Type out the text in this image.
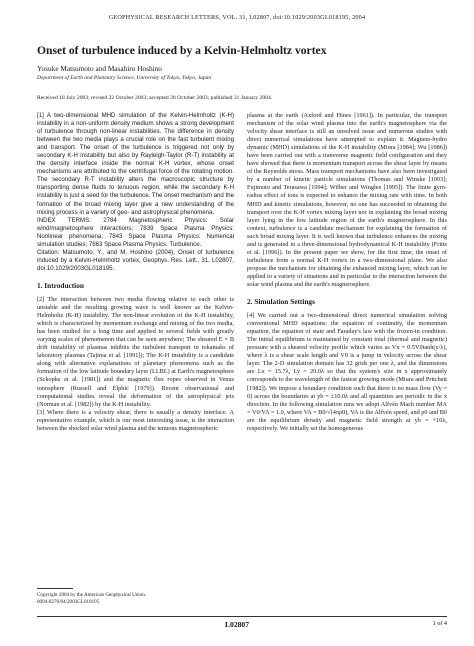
GEOPHYSICAL RESEARCH LETTERS, VOL. 31, L02807, doi:10.1029/2003GL018195, 2004
Onset of turbulence induced by a Kelvin-Helmholtz vortex
Yosuke Matsumoto and Masahiro Hoshino
Department of Earth and Planetary Science, University of Tokyo, Tokyo, Japan
Received 18 July 2003; revised 22 October 2003; accepted 28 October 2003; published 31 January 2004.

[1] A two-dimensional MHD simulation of the Kelvin-Helmholtz (K-H) instability in a non-uniform density medium shows a strong development of turbulence through non-linear instabilities. The difference in density between the two media plays a crucial role on the fast turbulent mixing and transport. The onset of the turbulence is triggered not only by secondary K-H instability but also by Rayleigh-Taylor (R-T) instability at the density interface inside the normal K-H vortex, whose onset mechanisms are attributed to the centrifugal force of the rotating motion. The secondary R-T instability alters the macroscopic structure by transporting dense fluids to tenuous region, while the secondary K-H instability is just a seed for the turbulence. The onset mechanism and the formation of the broad mixing layer give a new understanding of the mixing process in a variety of geo- and astrophysical phenomena.

INDEX TERMS: 2784 Magnetospheric Physics: Solar wind/magnetosphere interactions; 7839 Space Plasma Physics: Nonlinear phenomena; 7843 Space Plasma Physics: Numerical simulation studies; 7863 Space Plasma Physics: Turbulence.

Citation: Matsumoto, Y., and M. Hoshino (2004), Onset of turbulence induced by a Kelvin-Helmholtz vortex, Geophys. Res. Lett., 31, L02807, doi:10.1029/2003GL018195.

1. Introduction

[2] The interaction between two media flowing relative to each other is unstable and the resulting growing wave is well known as the Kelvin-Helmholtz (K-H) instability. The non-linear evolution of the K-H instability, which is characterized by momentum exchange and mixing of the two media, has been studied for a long time and applied to several fields with greatly varying scales of phenomenon that can be seen anywhere; The sheared E × B drift instability of plasmas inhibits the turbulent transport in tokamaks of laboratory plasmas (Tajima et al. [1991]); The K-H instability is a candidate along with alternative explanations of planetary phenomena such as the formation of the low latitude boundary layer (LLBL) at Earth's magnetosphere (Sckopke et al. [1981]) and the magnetic flux ropes observed in Venus ionosphere (Russell and Elphic [1979]). Recent observational and computational studies reveal the deformation of the astrophysical jets (Norman et al. [1982]) by the K-H instability.

[3] Where there is a velocity shear, there is usually a density interface. A representative example, which is our most interesting issue, is the interaction between the shocked solar wind plasma and the tenuous magnetospheric

plasma at the earth (Axford and Hines [1961]). In particular, the transport mechanism of the solar wind plasma into the earth's magnetosphere via the velocity shear interface is still an unsolved issue and numerous studies with direct numerical simulations have attempted to explain it. Magneto-hydro dynamic (MHD) simulations of the K-H instability (Miura [1984]; Wu [1986]) have been carried out with a transverse magnetic field configuration and they have showed that there is momentum transport across the shear layer by means of the Reynolds stress. Mass transport mechanisms have also been investigated by a number of kinetic particle simulations (Thomas and Winske [1993]; Fujimoto and Terasawa [1994]; Wilber and Winglee [1995]). The finite gyro-radius effect of ions is expected to enhance the mixing rate with time. In both MHD and kinetic simulations, however, no one has succeeded in obtaining the transport over the K-H vortex mixing layer nor in explaining the broad mixing layer lying in the low latitude region of the earth's magnetosphere. In this context, turbulence is a candidate mechanism for explaining the formation of such broad mixing layer. It is well known that turbulence enhances the mixing and is generated in a three-dimensional hydrodynamical K-H instability (Fritts et al. [1996]). In the present paper we show, for the first time, the onset of turbulence from a normal K-H vortex in a two-dimensional plane. We also propose the mechanism for obtaining the enhanced mixing layer, which can be applied to a variety of situations and in particular to the interaction between the solar wind plasma and the earth's magnetosphere.

2. Simulation Settings

[4] We carried out a two-dimensional direct numerical simulation solving conventional MHD equations: the equation of continuity, the momentum equation, the equation of state and Faraday's law with the frozen-in condition. The initial equilibrium is maintained by constant total (thermal and magnetic) pressure with a sheared velocity profile which varies as Vx = 0.5V0tanh(y/λ), where λ is a shear scale length and V0 is a jump in velocity across the shear layer. The 2-D simulation domain has 32 grids per one λ, and the dimensions are Lx = 15.7λ, Ly = 20.0λ so that the system's size in x approximately corresponds to the wavelength of the fastest growing mode (Miura and Pritchett [1982]). We impose a boundary condition such that there is no mass flow (Vy = 0) across the boundaries at yb = ±10.0λ and all quantities are periodic in the x direction. In the following simulation runs we adopt Alfvén Mach number MA = V0/VA = 1.0, where VA = B0/√(4πρ0), VA is the Alfvén speed, and ρ0 and B0 are the equilibrium density and magnetic field strength at yb = +10λ, respectively. We initially set the homogeneous

Copyright 2004 by the American Geophysical Union.
0094-8276/04/2003GL018195
L02807	1 of 4
